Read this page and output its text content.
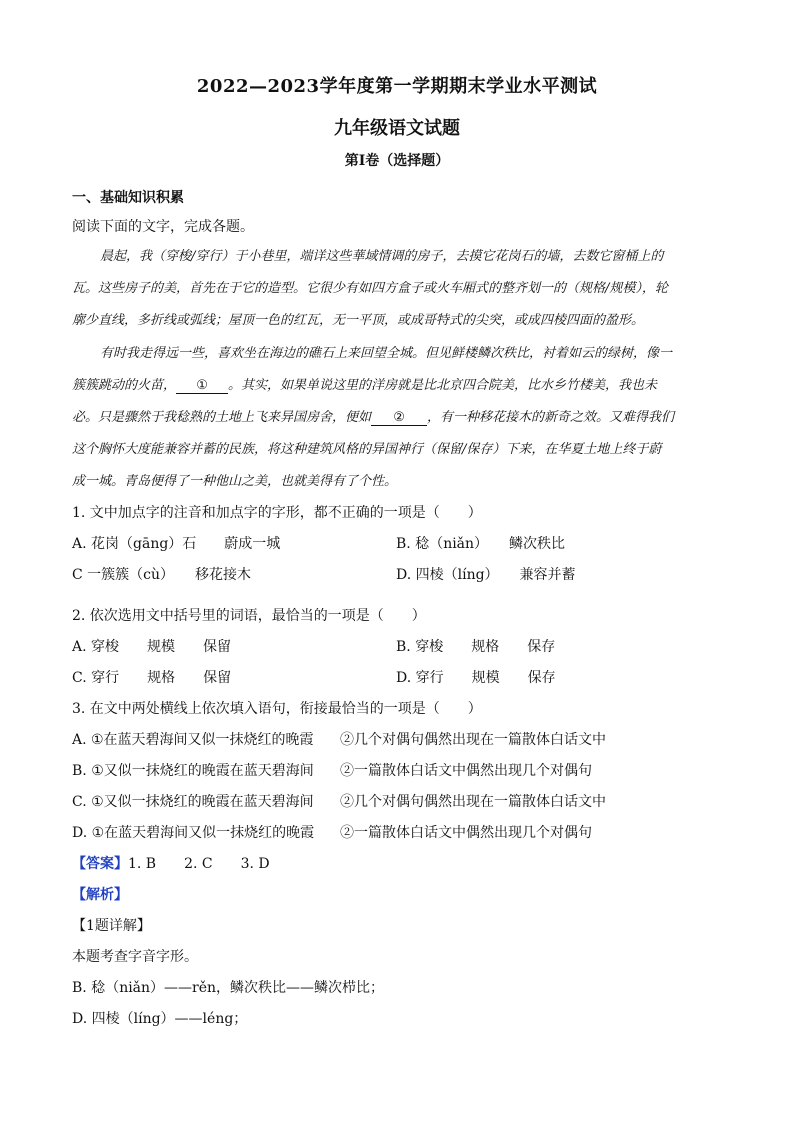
2022—2023学年度第一学期期末学业水平测试
九年级语文试题
第Ⅰ卷（选择题）
一、基础知识积累
阅读下面的文字，完成各题。
晨起，我（穿梭/穿行）于小巷里，端详这些華域情调的房子，去摸它花岗石的墙，去数它窗桶上的
瓦。这些房子的美，首先在于它的造型。它很少有如四方盒子或火车厢式的整齐划一的（规格/规模），轮
廓少直线，多折线或弧线；屋顶一色的红瓦，无一平顶，或成哥特式的尖突，或成四棱四面的盈形。
有时我走得远一些，喜欢坐在海边的礁石上来回望全城。但见鲜楼鳞次秩比，衬着如云的绿树，像一
簇簇跳动的火苗， ① 。其实，如果单说这里的洋房就是比北京四合院美，比水乡竹楼美，我也未
必。只是骤然于我稔熟的土地上飞来异国房舍，便如 ② ，有一种移花接木的新奇之效。又难得我们
这个胸怀大度能兼容并蓄的民族，将这种建筑风格的异国神行（保留/保存）下来，在华夏土地上终于蔚
成一城。青岛便得了一种他山之美，也就美得有了个性。
1. 文中加点字的注音和加点字的字形，都不正确的一项是（　　）
A. 花岗（gāng）石　　蔚成一城	B. 稔（niǎn）　　鳞次秩比
C 一簇簇（cù）　　移花接木	D. 四棱（líng）　　兼容并蓄
2. 依次选用文中括号里的词语，最恰当的一项是（　　）
A. 穿梭　　规模　　保留	B. 穿梭　　规格　　保存
C. 穿行　　规格　　保留	D. 穿行　　规模　　保存
3. 在文中两处横线上依次填入语句，衔接最恰当的一项是（　　）
A. ①在蓝天碧海间又似一抹烧红的晚霞 ②几个对偶句偶然出现在一篇散体白话文中
B. ①又似一抹烧红的晚霞在蓝天碧海间 ②一篇散体白话文中偶然出现几个对偶句
C. ①又似一抹烧红的晚霞在蓝天碧海间 ②几个对偶句偶然出现在一篇散体白话文中
D. ①在蓝天碧海间又似一抹烧红的晚霞 ②一篇散体白话文中偶然出现几个对偶句
【答案】1. B　　2. C　　3. D
【解析】
【1题详解】
本题考查字音字形。
B. 稔（niǎn）——rěn，鳞次秩比——鳞次栉比；
D. 四棱（líng）——léng；
